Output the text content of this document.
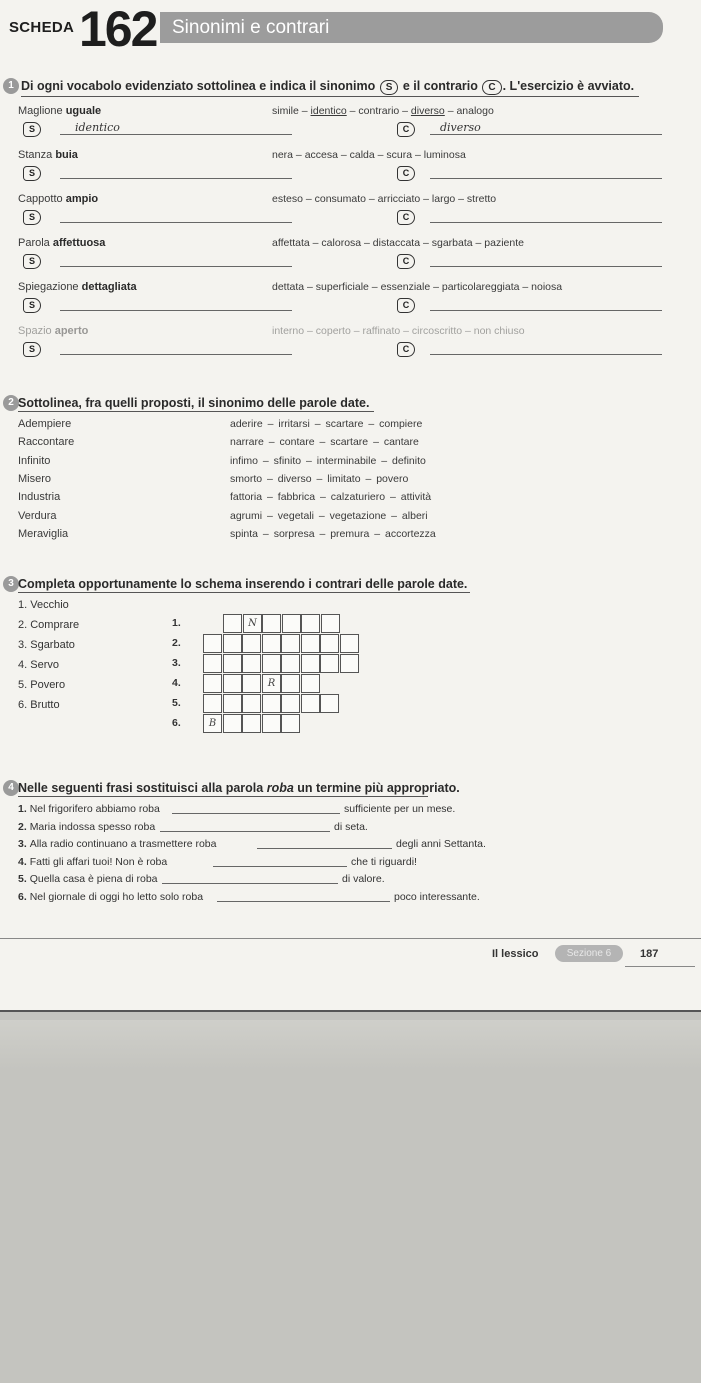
SCHEDA 162 Sinonimi e contrari
1 Di ogni vocabolo evidenziato sottolinea e indica il sinonimo S e il contrario C . L'esercizio è avviato.
Maglione uguale	simile – identico – contrario – diverso – analogo
S	identico	C	diverso
Stanza buia	nera – accesa – calda – scura – luminosa
S	C
Cappotto ampio	esteso – consumato – arricciato – largo – stretto
S	C
Parola affettuosa	affettata – calorosa – distaccata – sgarbata – paziente
S	C
Spiegazione dettagliata	dettata – superficiale – essenziale – particolareggiata – noiosa
S	C
Spazio aperto	interno – coperto – raffinato – circoscritto – non chiuso
S	C
2 Sottolinea, fra quelli proposti, il sinonimo delle parole date.
Adempiere	aderire – irritarsi – scartare – compiere
Raccontare	narrare – contare – scartare – cantare
Infinito	infimo – sfinito – interminabile – definito
Misero	smorto – diverso – limitato – povero
Industria	fattoria – fabbrica – calzaturiero – attività
Verdura	agrumi – vegetali – vegetazione – alberi
Meraviglia	spinta – sorpresa – premura – accortezza
3 Completa opportunamente lo schema inserendo i contrari delle parole date.
1. Vecchio
2. Comprare
3. Sgarbato
4. Servo
5. Povero
6. Brutto
1.	N
2.
3.
4.	R
5.
6.	B
4 Nelle seguenti frasi sostituisci alla parola roba un termine più appropriato.
1. Nel frigorifero abbiamo roba	sufficiente per un mese.
2. Maria indossa spesso roba	di seta.
3. Alla radio continuano a trasmettere roba	degli anni Settanta.
4. Fatti gli affari tuoi! Non è roba	che ti riguardi!
5. Quella casa è piena di roba	di valore.
6. Nel giornale di oggi ho letto solo roba	poco interessante.
Il lessico	Sezione 6	187
